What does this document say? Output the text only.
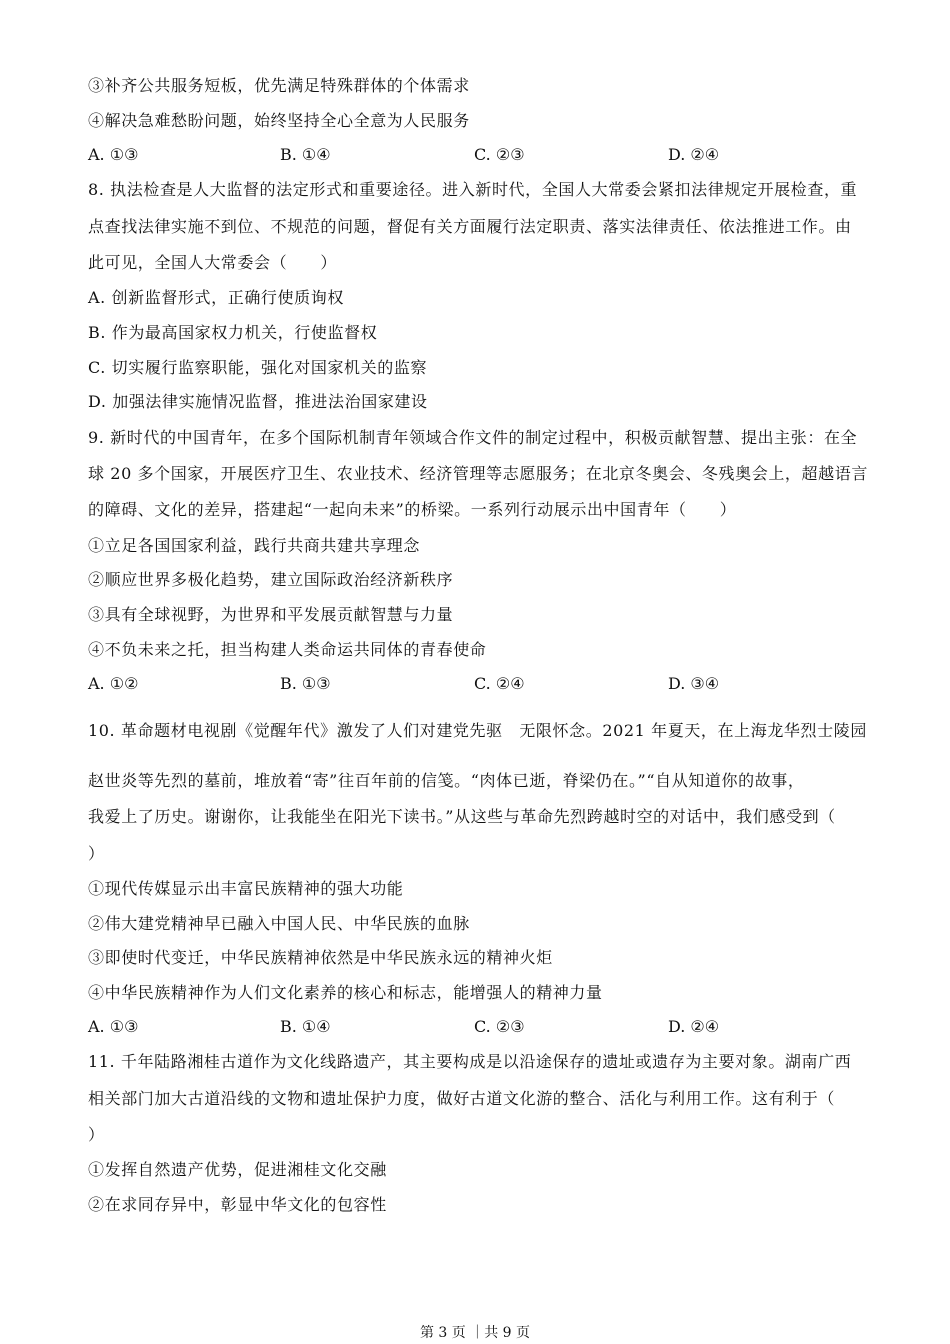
③补齐公共服务短板，优先满足特殊群体的个体需求
④解决急难愁盼问题，始终坚持全心全意为人民服务
A. ①③	B. ①④	C. ②③	D. ②④
8. 执法检查是人大监督的法定形式和重要途径。进入新时代，全国人大常委会紧扣法律规定开展检查，重
点查找法律实施不到位、不规范的问题，督促有关方面履行法定职责、落实法律责任、依法推进工作。由
此可见，全国人大常委会（　　）
A. 创新监督形式，正确行使质询权
B. 作为最高国家权力机关，行使监督权
C. 切实履行监察职能，强化对国家机关的监察
D. 加强法律实施情况监督，推进法治国家建设
9. 新时代的中国青年，在多个国际机制青年领域合作文件的制定过程中，积极贡献智慧、提出主张：在全
球 20 多个国家，开展医疗卫生、农业技术、经济管理等志愿服务；在北京冬奥会、冬残奥会上，超越语言
的障碍、文化的差异，搭建起“一起向未来”的桥梁。一系列行动展示出中国青年（　　）
①立足各国国家利益，践行共商共建共享理念
②顺应世界多极化趋势，建立国际政治经济新秩序
③具有全球视野，为世界和平发展贡献智慧与力量
④不负未来之托，担当构建人类命运共同体的青春使命
A. ①②	B. ①③	C. ②④	D. ③④
10. 革命题材电视剧《觉醒年代》激发了人们对建党先驱　无限怀念。2021 年夏天，在上海龙华烈士陵园
赵世炎等先烈的墓前，堆放着“寄”往百年前的信笺。“肉体已逝，脊梁仍在。”“自从知道你的故事，
我爱上了历史。谢谢你，让我能坐在阳光下读书。”从这些与革命先烈跨越时空的对话中，我们感受到（
）
①现代传媒显示出丰富民族精神的强大功能
②伟大建党精神早已融入中国人民、中华民族的血脉
③即使时代变迁，中华民族精神依然是中华民族永远的精神火炬
④中华民族精神作为人们文化素养的核心和标志，能增强人的精神力量
A. ①③	B. ①④	C. ②③	D. ②④
11. 千年陆路湘桂古道作为文化线路遗产，其主要构成是以沿途保存的遗址或遗存为主要对象。湖南广西
相关部门加大古道沿线的文物和遗址保护力度，做好古道文化游的整合、活化与利用工作。这有利于（
）
①发挥自然遗产优势，促进湘桂文化交融
②在求同存异中，彰显中华文化的包容性
第 3 页 ｜共 9 页
